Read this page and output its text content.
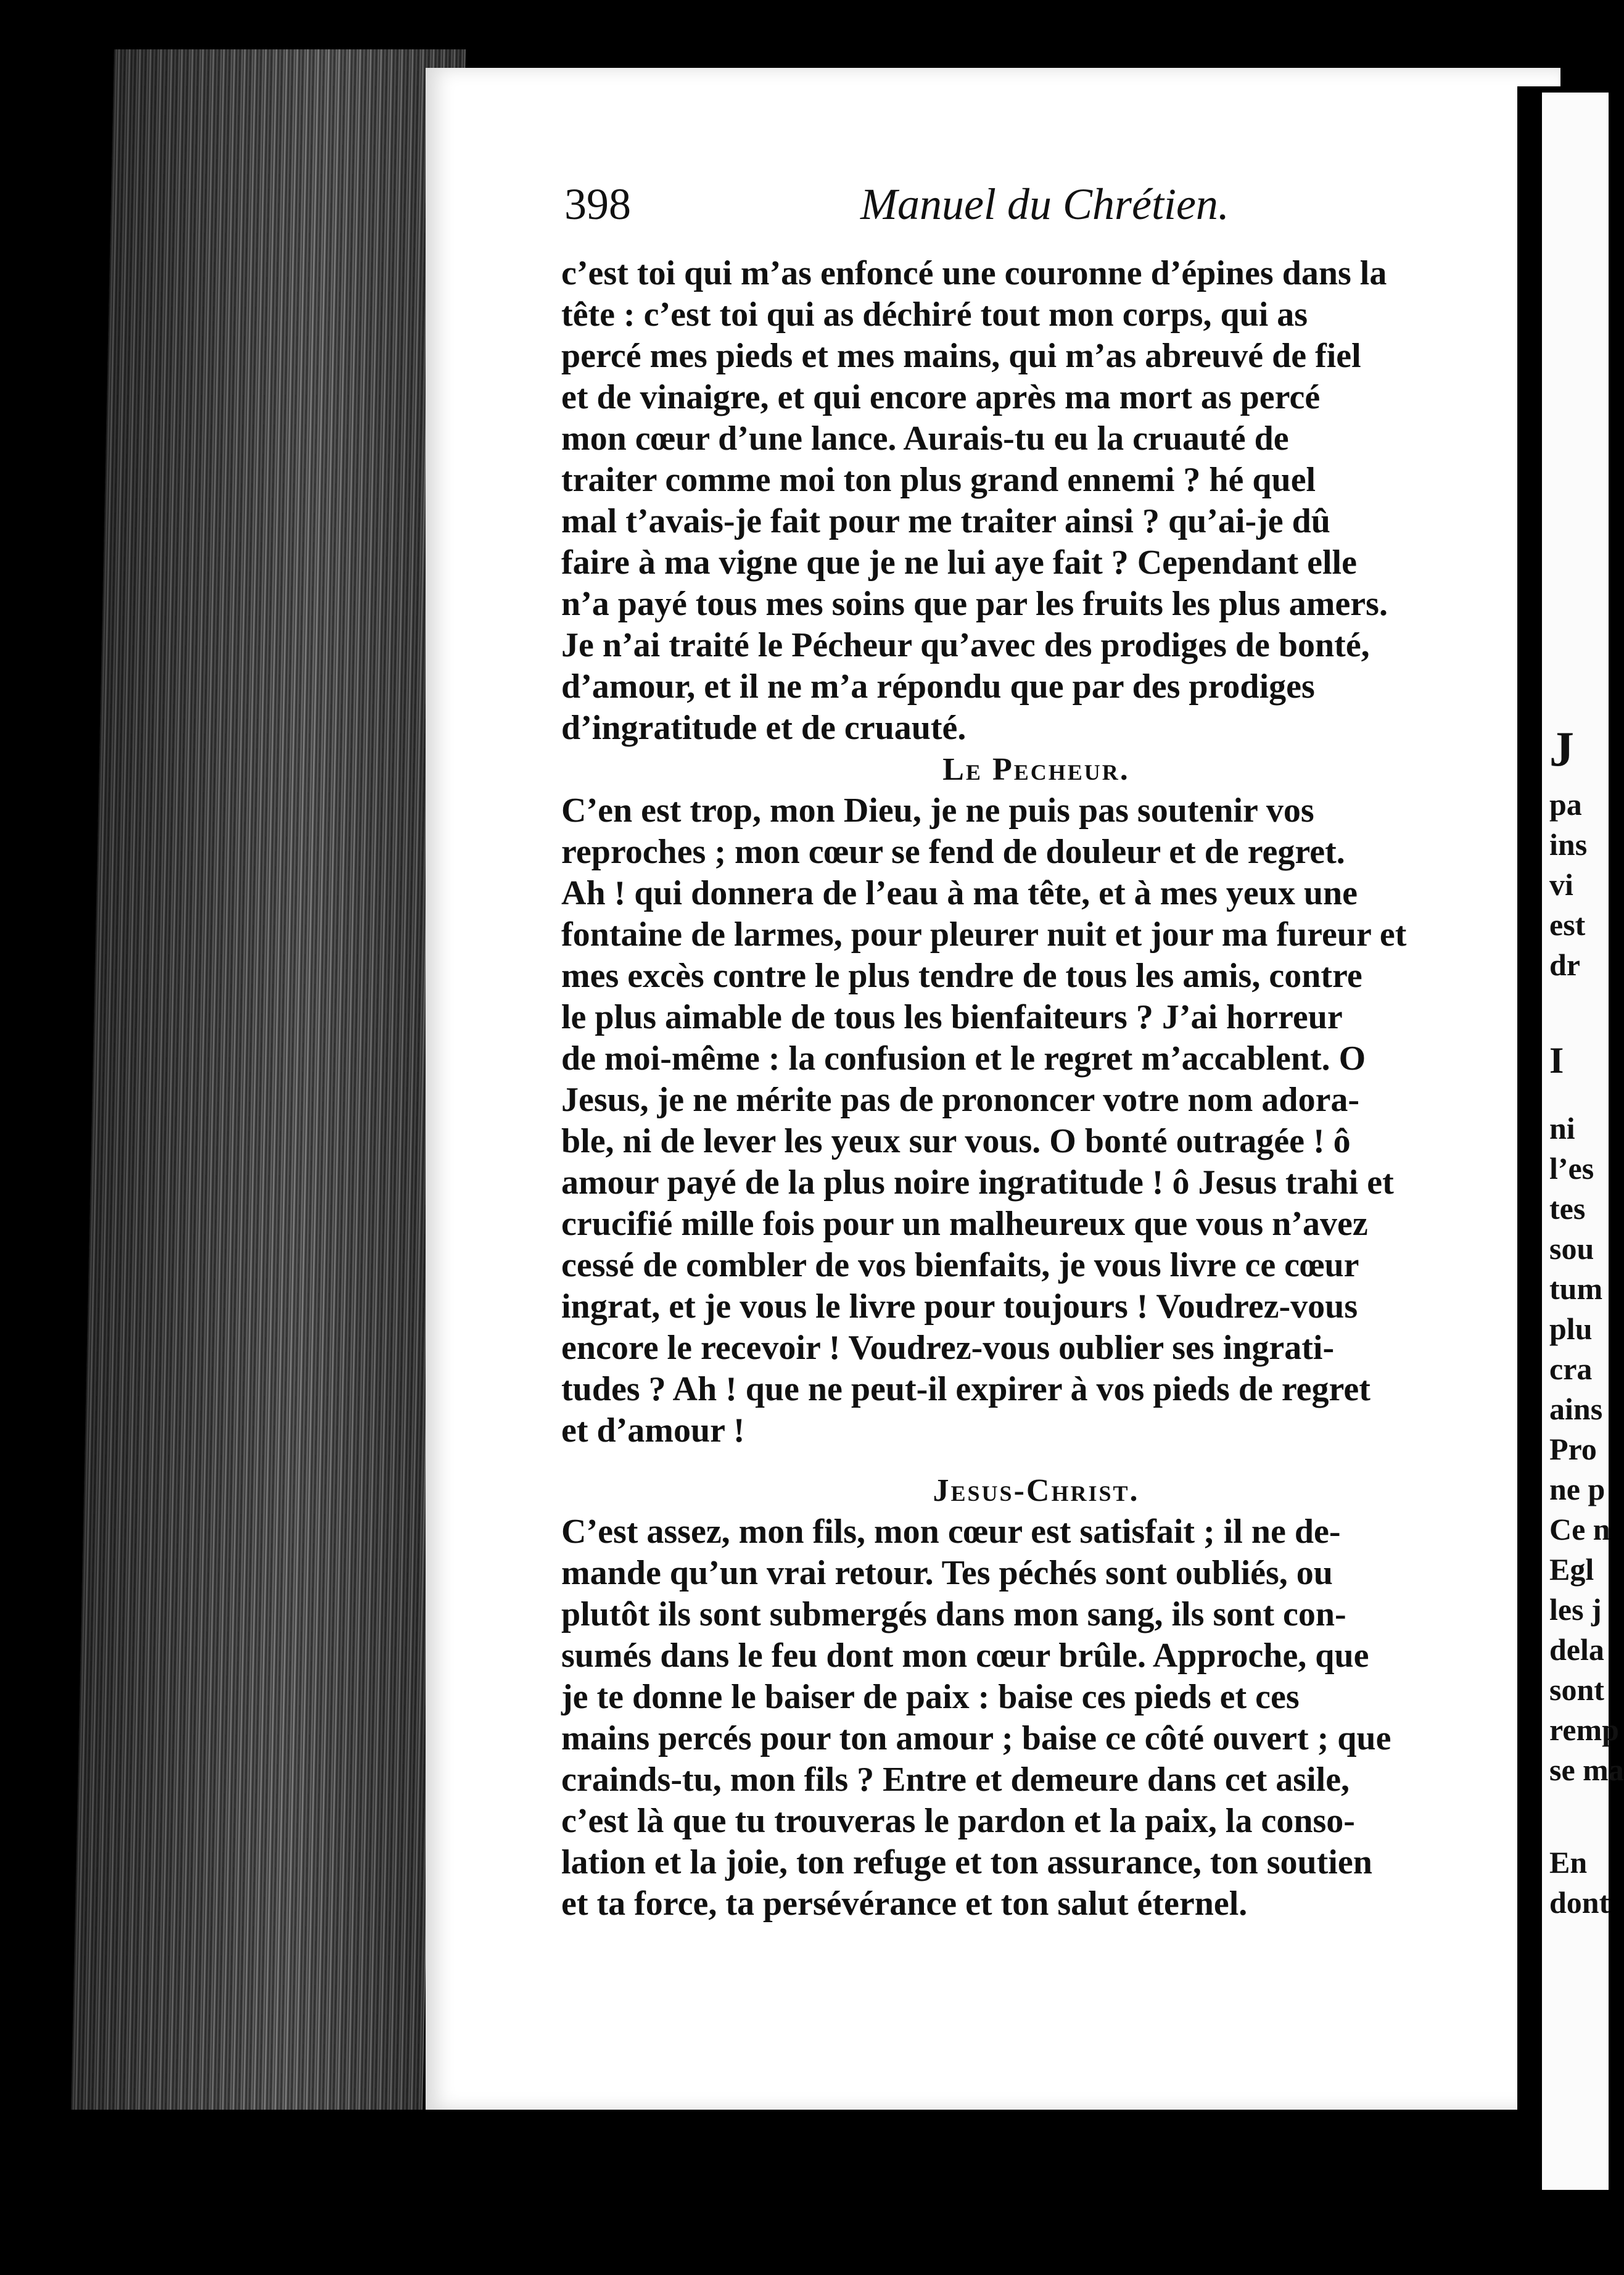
J
pa
ins
vi
est
dr
I
ni
l’es
tes
sou
tum
plu
cra
ains
Pro
ne p
Ce n
Egl
les j
dela
sont
remp
se ma
En
dont
398	Manuel du Chrétien.
c’est toi qui m’as enfoncé une couronne d’épines dans la
tête : c’est toi qui as déchiré tout mon corps, qui as
percé mes pieds et mes mains, qui m’as abreuvé de fiel
et de vinaigre, et qui encore après ma mort as percé
mon cœur d’une lance. Aurais-tu eu la cruauté de
traiter comme moi ton plus grand ennemi ? hé quel
mal t’avais-je fait pour me traiter ainsi ? qu’ai-je dû
faire à ma vigne que je ne lui aye fait ? Cependant elle
n’a payé tous mes soins que par les fruits les plus amers.
Je n’ai traité le Pécheur qu’avec des prodiges de bonté,
d’amour, et il ne m’a répondu que par des prodiges
d’ingratitude et de cruauté.
Le Pecheur.
C’en est trop, mon Dieu, je ne puis pas soutenir vos
reproches ; mon cœur se fend de douleur et de regret.
Ah ! qui donnera de l’eau à ma tête, et à mes yeux une
fontaine de larmes, pour pleurer nuit et jour ma fureur et
mes excès contre le plus tendre de tous les amis, contre
le plus aimable de tous les bienfaiteurs ? J’ai horreur
de moi-même : la confusion et le regret m’accablent. O
Jesus, je ne mérite pas de prononcer votre nom adora-
ble, ni de lever les yeux sur vous. O bonté outragée ! ô
amour payé de la plus noire ingratitude ! ô Jesus trahi et
crucifié mille fois pour un malheureux que vous n’avez
cessé de combler de vos bienfaits, je vous livre ce cœur
ingrat, et je vous le livre pour toujours ! Voudrez-vous
encore le recevoir ! Voudrez-vous oublier ses ingrati-
tudes ? Ah ! que ne peut-il expirer à vos pieds de regret
et d’amour !
Jesus-Christ.
C’est assez, mon fils, mon cœur est satisfait ; il ne de-
mande qu’un vrai retour. Tes péchés sont oubliés, ou
plutôt ils sont submergés dans mon sang, ils sont con-
sumés dans le feu dont mon cœur brûle. Approche, que
je te donne le baiser de paix : baise ces pieds et ces
mains percés pour ton amour ; baise ce côté ouvert ; que
crainds-tu, mon fils ? Entre et demeure dans cet asile,
c’est là que tu trouveras le pardon et la paix, la conso-
lation et la joie, ton refuge et ton assurance, ton soutien
et ta force, ta persévérance et ton salut éternel.
